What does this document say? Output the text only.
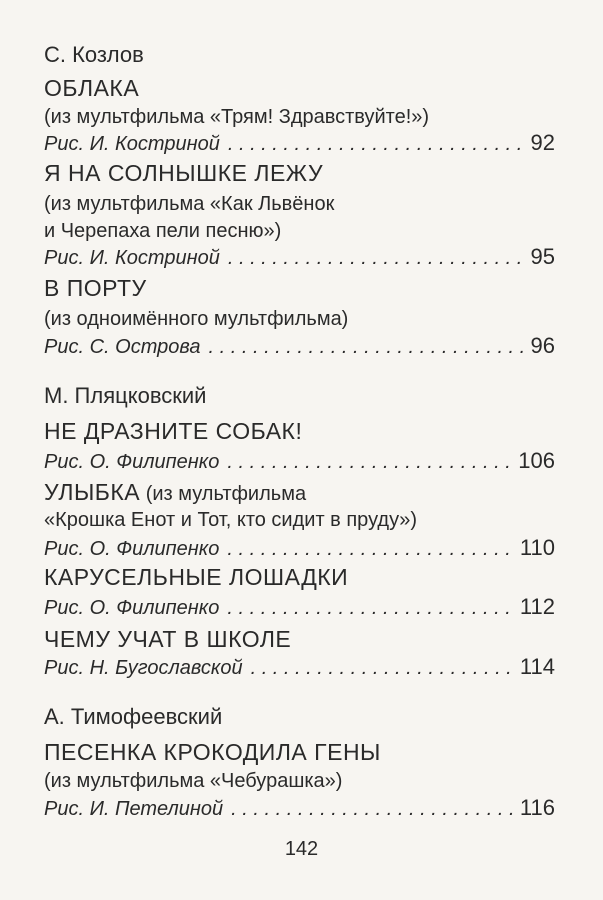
С. Козлов
ОБЛАКА
(из мультфильма «Трям! Здравствуйте!»)
Рис. И. Костриной . . .	92
Я НА СОЛНЫШКЕ ЛЕЖУ
(из мультфильма «Как Львёнок
и Черепаха пели песню»)
Рис. И. Костриной . . .	95
В ПОРТУ
(из одноимённого мультфильма)
Рис. С. Острова . . .	96
М. Пляцковский
НЕ ДРАЗНИТЕ СОБАК!
Рис. О. Филипенко . . .	106
УЛЫБКА (из мультфильма
«Крошка Енот и Тот, кто сидит в пруду»)
Рис. О. Филипенко . . .	110
КАРУСЕЛЬНЫЕ ЛОШАДКИ
Рис. О. Филипенко . . .	112
ЧЕМУ УЧАТ В ШКОЛЕ
Рис. Н. Бугославской . . .	114
А. Тимофеевский
ПЕСЕНКА КРОКОДИЛА ГЕНЫ
(из мультфильма «Чебурашка»)
Рис. И. Петелиной . . .	116
142
